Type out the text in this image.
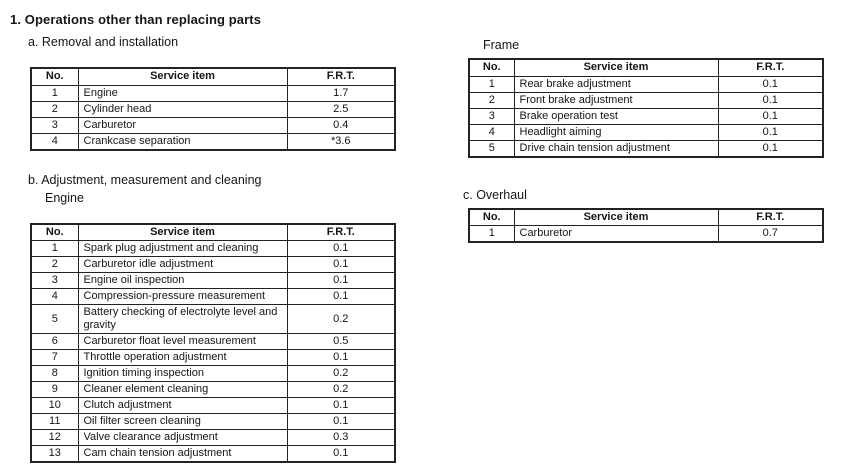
1. Operations other than replacing parts
a. Removal and installation
No.	Service item	F.R.T.
1	Engine	1.7
2	Cylinder head	2.5
3	Carburetor	0.4
4	Crankcase separation	*3.6
b. Adjustment, measurement and cleaning
Engine
No.	Service item	F.R.T.
1	Spark plug adjustment and cleaning	0.1
2	Carburetor idle adjustment	0.1
3	Engine oil inspection	0.1
4	Compression-pressure measurement	0.1
5	Battery checking of electrolyte level and gravity	0.2
6	Carburetor float level measurement	0.5
7	Throttle operation adjustment	0.1
8	Ignition timing inspection	0.2
9	Cleaner element cleaning	0.2
10	Clutch adjustment	0.1
11	Oil filter screen cleaning	0.1
12	Valve clearance adjustment	0.3
13	Cam chain tension adjustment	0.1
Frame
No.	Service item	F.R.T.
1	Rear brake adjustment	0.1
2	Front brake adjustment	0.1
3	Brake operation test	0.1
4	Headlight aiming	0.1
5	Drive chain tension adjustment	0.1
c. Overhaul
No.	Service item	F.R.T.
1	Carburetor	0.7
